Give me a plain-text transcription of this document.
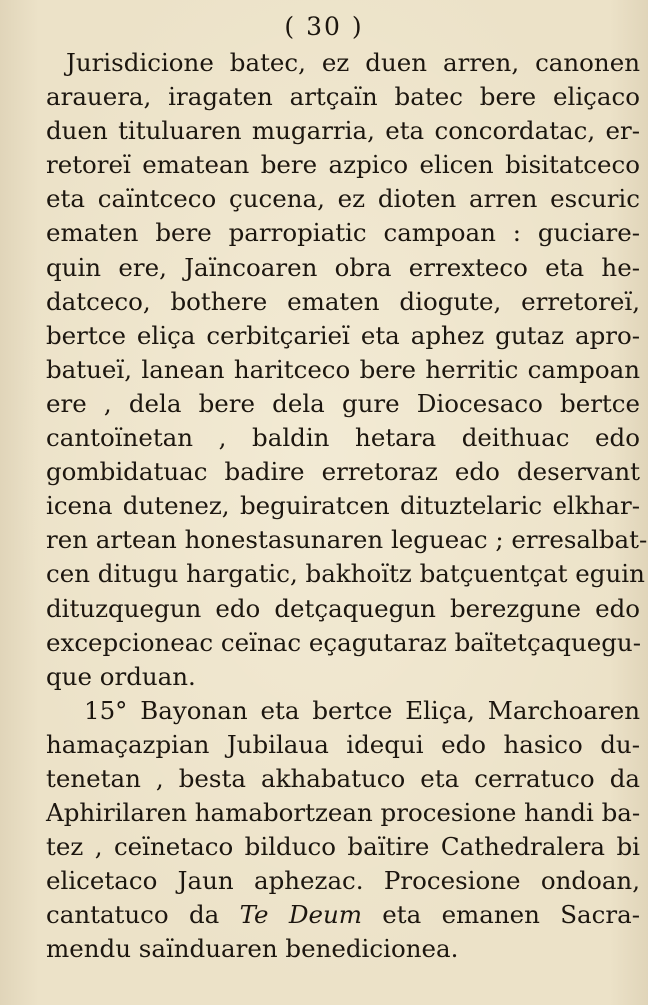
( 30 )
Jurisdicione batec, ez duen arren, canonen
arauera, iragaten artçaïn batec bere eliçaco
duen tituluaren mugarria, eta concordatac, er-
retoreï ematean bere azpico elicen bisitatceco
eta caïntceco çucena, ez dioten arren escuric
ematen bere parropiatic campoan : guciare-
quin ere, Jaïncoaren obra errexteco eta he-
datceco, bothere ematen diogute, erretoreï,
bertce eliça cerbitçarieï eta aphez gutaz apro-
batueï, lanean haritceco bere herritic campoan
ere , dela bere dela gure Diocesaco bertce
cantoïnetan , baldin hetara deithuac edo
gombidatuac badire erretoraz edo deservant
icena dutenez, beguiratcen dituztelaric elkhar-
ren artean honestasunaren legueac ; erresalbat-
cen ditugu hargatic, bakhoïtz batçuentçat eguin
dituzquegun edo detçaquegun berezgune edo
excepcioneac ceïnac eçagutaraz baïtetçaquegu-
que orduan.
15° Bayonan eta bertce Eliça, Marchoaren
hamaçazpian Jubilaua idequi edo hasico du-
tenetan , besta akhabatuco eta cerratuco da
Aphirilaren hamabortzean procesione handi ba-
tez , ceïnetaco bilduco baïtire Cathedralera bi
elicetaco Jaun aphezac. Procesione ondoan,
cantatuco da Te Deum eta emanen Sacra-
mendu saïnduaren benedicionea.
